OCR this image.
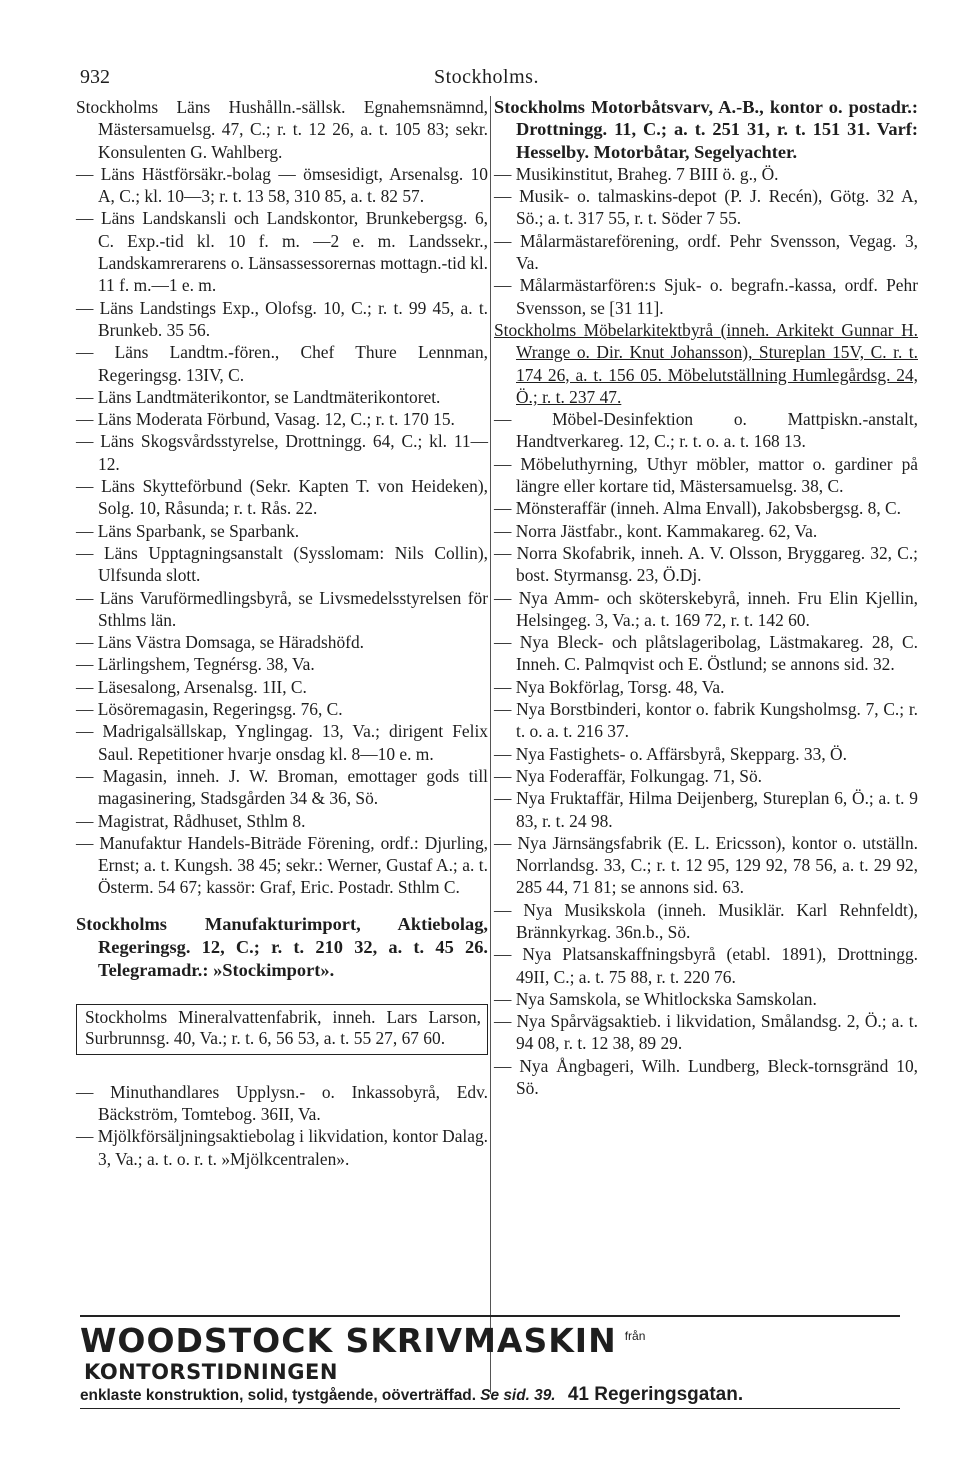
932	Stockholms.

Stockholms Läns Hushålln.-sällsk. Egnahemsnämnd, Mästersamuelsg. 47, C.; r. t. 12 26, a. t. 105 83; sekr. Konsulenten G. Wahlberg.

— Läns Hästförsäkr.-bolag — ömsesidigt, Arsenalsg. 10 A, C.; kl. 10—3; r. t. 13 58, 310 85, a. t. 82 57.

— Läns Landskansli och Landskontor, Brunkebergsg. 6, C. Exp.-tid kl. 10 f. m. —2 e. m. Landssekr., Landskamrerarens o. Länsassessorernas mottagn.-tid kl. 11 f. m.—1 e. m.

— Läns Landstings Exp., Olofsg. 10, C.; r. t. 99 45, a. t. Brunkeb. 35 56.

— Läns Landtm.-fören., Chef Thure Lennman, Regeringsg. 13IV, C.

— Läns Landtmäterikontor, se Landtmäterikontoret.

— Läns Moderata Förbund, Vasag. 12, C.; r. t. 170 15.

— Läns Skogsvårdsstyrelse, Drottningg. 64, C.; kl. 11—12.

— Läns Skytteförbund (Sekr. Kapten T. von Heideken), Solg. 10, Råsunda; r. t. Rås. 22.

— Läns Sparbank, se Sparbank.

— Läns Upptagningsanstalt (Sysslomam: Nils Collin), Ulfsunda slott.

— Läns Varuförmedlingsbyrå, se Livsmedelsstyrelsen för Sthlms län.

— Läns Västra Domsaga, se Häradshöfd.

— Lärlingshem, Tegnérsg. 38, Va.

— Läsesalong, Arsenalsg. 1II, C.

— Lösöremagasin, Regeringsg. 76, C.

— Madrigalsällskap, Ynglingag. 13, Va.; dirigent Felix Saul. Repetitioner hvarje onsdag kl. 8—10 e. m.

— Magasin, inneh. J. W. Broman, emottager gods till magasinering, Stadsgården 34 & 36, Sö.

— Magistrat, Rådhuset, Sthlm 8.

— Manufaktur Handels-Biträde Förening, ordf.: Djurling, Ernst; a. t. Kungsh. 38 45; sekr.: Werner, Gustaf A.; a. t. Österm. 54 67; kassör: Graf, Eric. Postadr. Sthlm C.

Stockholms Manufakturimport, Aktiebolag, Regeringsg. 12, C.; r. t. 210 32, a. t. 45 26. Telegramadr.: »Stockimport».

Stockholms Mineralvattenfabrik, inneh. Lars Larson, Surbrunnsg. 40, Va.; r. t. 6, 56 53, a. t. 55 27, 67 60.

— Minuthandlares Upplysn.- o. Inkassobyrå, Edv. Bäckström, Tomtebog. 36II, Va.

— Mjölkförsäljningsaktiebolag i likvidation, kontor Dalag. 3, Va.; a. t. o. r. t. »Mjölkcentralen».

Stockholms Motorbåtsvarv, A.-B., kontor o. postadr.: Drottningg. 11, C.; a. t. 251 31, r. t. 151 31. Varf: Hesselby. Motorbåtar, Segelyachter.

— Musikinstitut, Braheg. 7 BIII ö. g., Ö.

— Musik- o. talmaskins-depot (P. J. Recén), Götg. 32 A, Sö.; a. t. 317 55, r. t. Söder 7 55.

— Målarmästareförening, ordf. Pehr Svensson, Vegag. 3, Va.

— Målarmästarfören:s Sjuk- o. begrafn.-kassa, ordf. Pehr Svensson, se [31 11].

Stockholms Möbelarkitektbyrå (inneh. Arkitekt Gunnar H. Wrange o. Dir. Knut Johansson), Stureplan 15V, C. r. t. 174 26, a. t. 156 05. Möbelutställning Humlegårdsg. 24, Ö.; r. t. 237 47.

— Möbel-Desinfektion o. Mattpiskn.-anstalt, Handtverkareg. 12, C.; r. t. o. a. t. 168 13.

— Möbeluthyrning, Uthyr möbler, mattor o. gardiner på längre eller kortare tid, Mästersamuelsg. 38, C.

— Mönsteraffär (inneh. Alma Envall), Jakobsbergsg. 8, C.

— Norra Jästfabr., kont. Kammakareg. 62, Va.

— Norra Skofabrik, inneh. A. V. Olsson, Bryggareg. 32, C.; bost. Styrmansg. 23, Ö.Dj.

— Nya Amm- och sköterskebyrå, inneh. Fru Elin Kjellin, Helsingeg. 3, Va.; a. t. 169 72, r. t. 142 60.

— Nya Bleck- och plåtslageribolag, Lästmakareg. 28, C. Inneh. C. Palmqvist och E. Östlund; se annons sid. 32.

— Nya Bokförlag, Torsg. 48, Va.

— Nya Borstbinderi, kontor o. fabrik Kungsholmsg. 7, C.; r. t. o. a. t. 216 37.

— Nya Fastighets- o. Affärsbyrå, Skepparg. 33, Ö.

— Nya Foderaffär, Folkungag. 71, Sö.

— Nya Fruktaffär, Hilma Deijenberg, Stureplan 6, Ö.; a. t. 9 83, r. t. 24 98.

— Nya Järnsängsfabrik (E. L. Ericsson), kontor o. utställn. Norrlandsg. 33, C.; r. t. 12 95, 129 92, 78 56, a. t. 29 92, 285 44, 71 81; se annons sid. 63.

— Nya Musikskola (inneh. Musiklär. Karl Rehnfeldt), Brännkyrkag. 36n.b., Sö.

— Nya Platsanskaffningsbyrå (etabl. 1891), Drottningg. 49II, C.; a. t. 75 88, r. t. 220 76.

— Nya Samskola, se Whitlockska Samskolan.

— Nya Spårvägsaktieb. i likvidation, Smålandsg. 2, Ö.; a. t. 94 08, r. t. 12 38, 89 29.

— Nya Ångbageri, Wilh. Lundberg, Bleck-tornsgränd 10, Sö.

WOODSTOCK SKRIVMASKIN $^{från}$ KONTORSTIDNINGEN
enklaste konstruktion, solid, tystgående, oöverträffad. Se sid. 39. 41 Regeringsgatan.
